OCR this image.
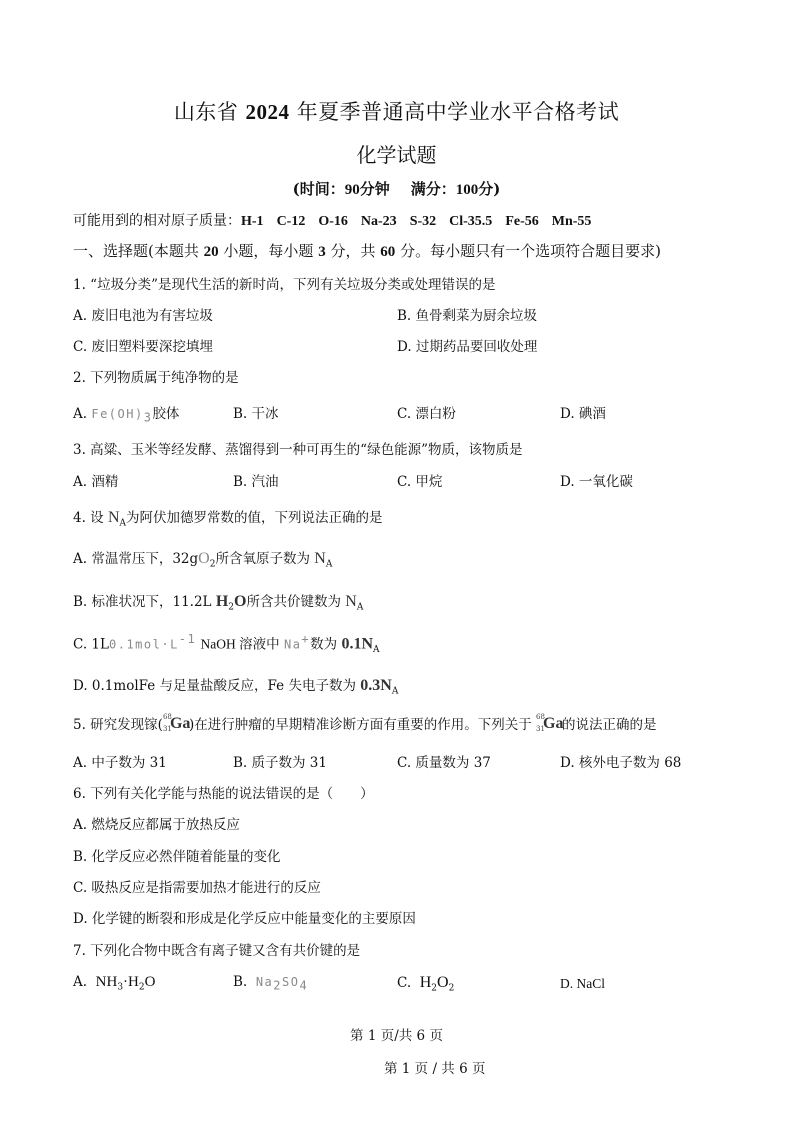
山东省 2024 年夏季普通高中学业水平合格考试
化学试题
(时间：90分钟 满分：100分)
可能用到的相对原子质量：H-1 C-12 O-16 Na-23 S-32 Cl-35.5 Fe-56 Mn-55
一、选择题(本题共 20 小题，每小题 3 分，共 60 分。每小题只有一个选项符合题目要求)
1. “垃圾分类”是现代生活的新时尚，下列有关垃圾分类或处理错误的是
A. 废旧电池为有害垃圾	B. 鱼骨剩菜为厨余垃圾
C. 废旧塑料要深挖填埋	D. 过期药品要回收处理
2. 下列物质属于纯净物的是
A. $Fe(OH)_3$胶体	B. 干冰	C. 漂白粉	D. 碘酒
3. 高粱、玉米等经发酵、蒸馏得到一种可再生的“绿色能源”物质，该物质是
A. 酒精	B. 汽油	C. 甲烷	D. 一氧化碳
4. 设 $N_A$为阿伏加德罗常数的值，下列说法正确的是
A. 常温常压下，$32gO_2$所含氧原子数为 $N_A$
B. 标准状况下，11.2L $H_2O$所含共价键数为 $N_A$
C. $1L0.1mol\cdot L^{-1}$ NaOH 溶液中 Na+数为 $0.1N_A$
D. 0.1molFe 与足量盐酸反应，Fe 失电子数为 $0.3N_A$
5. 研究发现镓( 68
31
Ga
)在进行肿瘤的早期精准诊断方面有重要的作用。下列关于 68
31
Ga
的说法正确的是
A. 中子数为 31	B. 质子数为 31	C. 质量数为 37	D. 核外电子数为 68
6. 下列有关化学能与热能的说法错误的是（　　）
A. 燃烧反应都属于放热反应
B. 化学反应必然伴随着能量的变化
C. 吸热反应是指需要加热才能进行的反应
D. 化学键的断裂和形成是化学反应中能量变化的主要原因
7. 下列化合物中既含有离子键又含有共价键的是
A. $NH_3\cdot H_2O$	B. $Na_2SO_4$	C. $H_2O_2$	D. NaCl
第 1 页/共 6 页
第 1 页 / 共 6 页
